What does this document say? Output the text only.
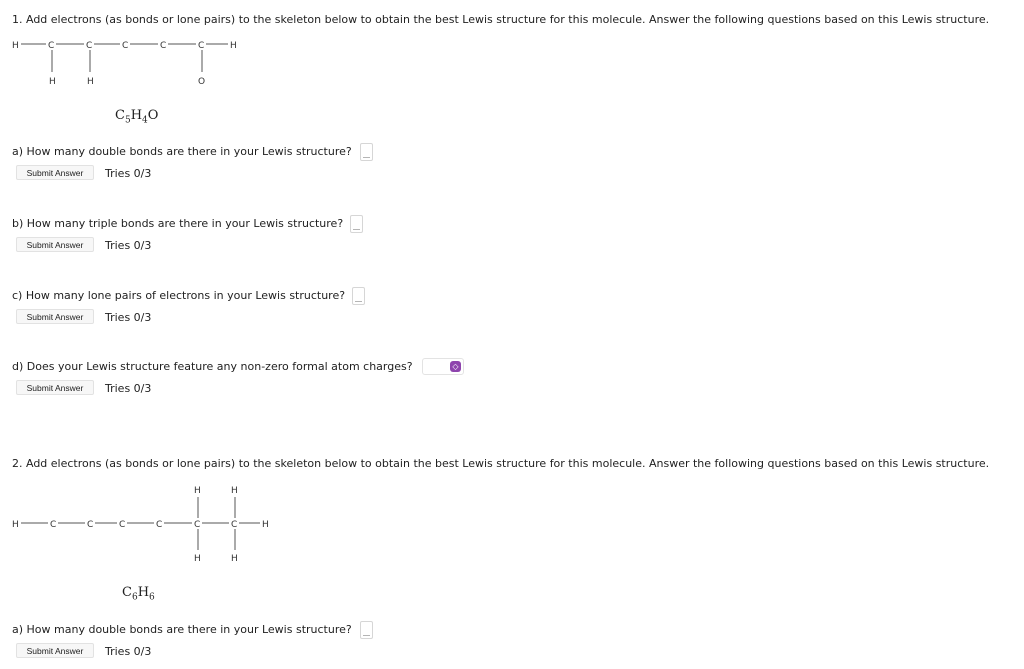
1. Add electrons (as bonds or lone pairs) to the skeleton below to obtain the best Lewis structure for this molecule. Answer the following questions based on this Lewis structure.
H	C	C	C	C	C	H
H	H	O
$C_5H_4O$
a) How many double bonds are there in your Lewis structure?
Submit Answer	Tries 0/3
b) How many triple bonds are there in your Lewis structure?
Submit Answer	Tries 0/3
c) How many lone pairs of electrons in your Lewis structure?
Submit Answer	Tries 0/3
d) Does your Lewis structure feature any non-zero formal atom charges?	◇
Submit Answer	Tries 0/3
2. Add electrons (as bonds or lone pairs) to the skeleton below to obtain the best Lewis structure for this molecule. Answer the following questions based on this Lewis structure.
H	H
H	C	C	C	C	C	C	H
H	H
$C_6H_6$
a) How many double bonds are there in your Lewis structure?
Submit Answer	Tries 0/3
